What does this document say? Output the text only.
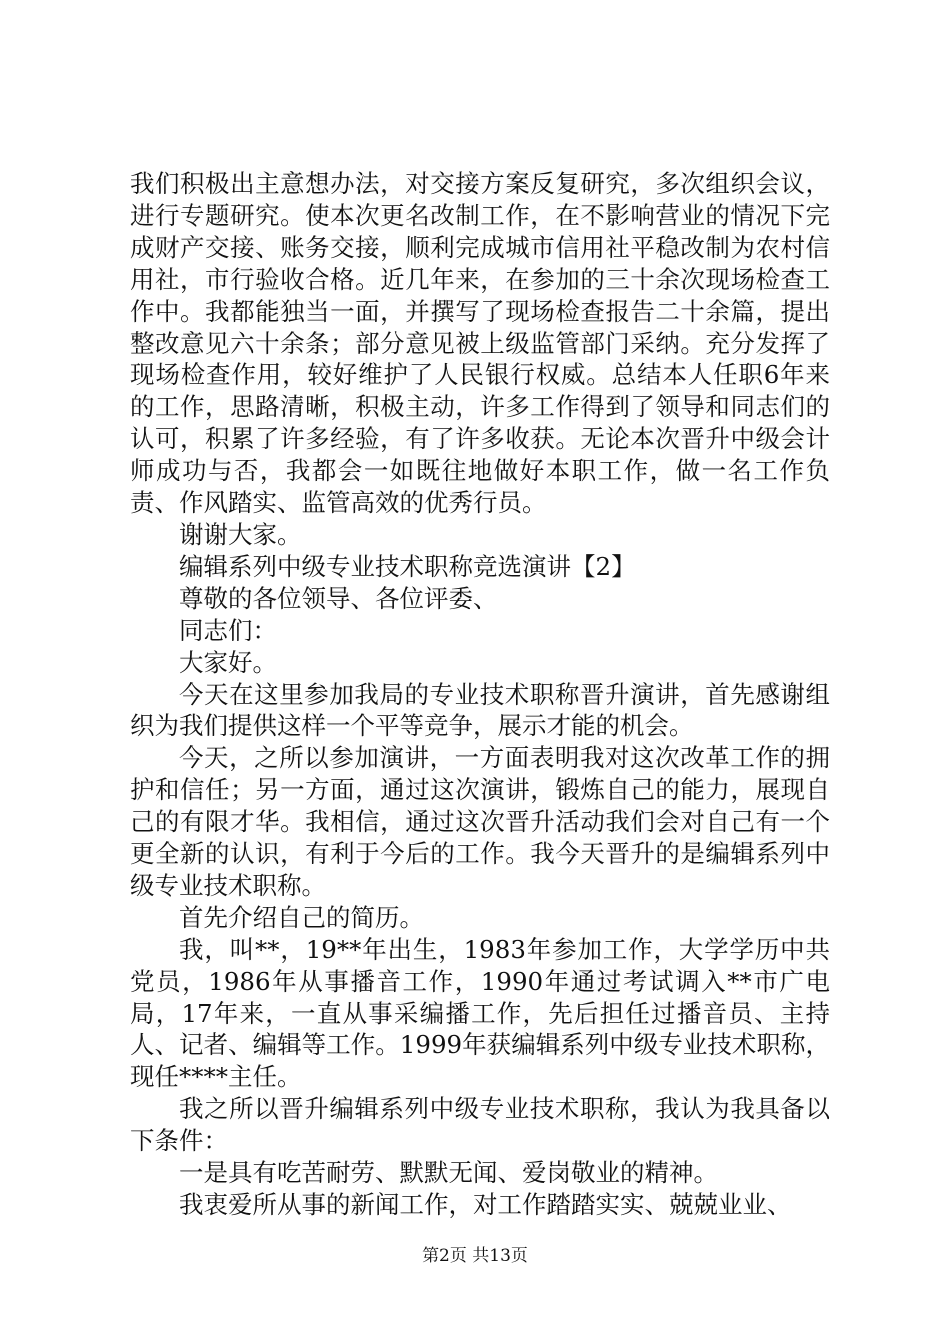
我们积极出主意想办法，对交接方案反复研究，多次组织会议，进行专题研究。使本次更名改制工作，在不影响营业的情况下完成财产交接、账务交接，顺利完成城市信用社平稳改制为农村信用社，市行验收合格。近几年来，在参加的三十余次现场检查工作中。我都能独当一面，并撰写了现场检查报告二十余篇，提出整改意见六十余条；部分意见被上级监管部门采纳。充分发挥了现场检查作用，较好维护了人民银行权威。总结本人任职6年来的工作，思路清晰，积极主动，许多工作得到了领导和同志们的认可，积累了许多经验，有了许多收获。无论本次晋升中级会计师成功与否，我都会一如既往地做好本职工作，做一名工作负责、作风踏实、监管高效的优秀行员。

谢谢大家。

编辑系列中级专业技术职称竞选演讲【2】

尊敬的各位领导、各位评委、

同志们：

大家好。

今天在这里参加我局的专业技术职称晋升演讲，首先感谢组织为我们提供这样一个平等竞争，展示才能的机会。

今天，之所以参加演讲，一方面表明我对这次改革工作的拥护和信任；另一方面，通过这次演讲，锻炼自己的能力，展现自己的有限才华。我相信，通过这次晋升活动我们会对自己有一个更全新的认识，有利于今后的工作。我今天晋升的是编辑系列中级专业技术职称。

首先介绍自己的简历。

我，叫**，19**年出生，1983年参加工作，大学学历中共党员，1986年从事播音工作，1990年通过考试调入**市广电局，17年来，一直从事采编播工作，先后担任过播音员、主持人、记者、编辑等工作。1999年获编辑系列中级专业技术职称，现任****主任。

我之所以晋升编辑系列中级专业技术职称，我认为我具备以下条件：

一是具有吃苦耐劳、默默无闻、爱岗敬业的精神。

我衷爱所从事的新闻工作，对工作踏踏实实、兢兢业业、

第2页 共13页
